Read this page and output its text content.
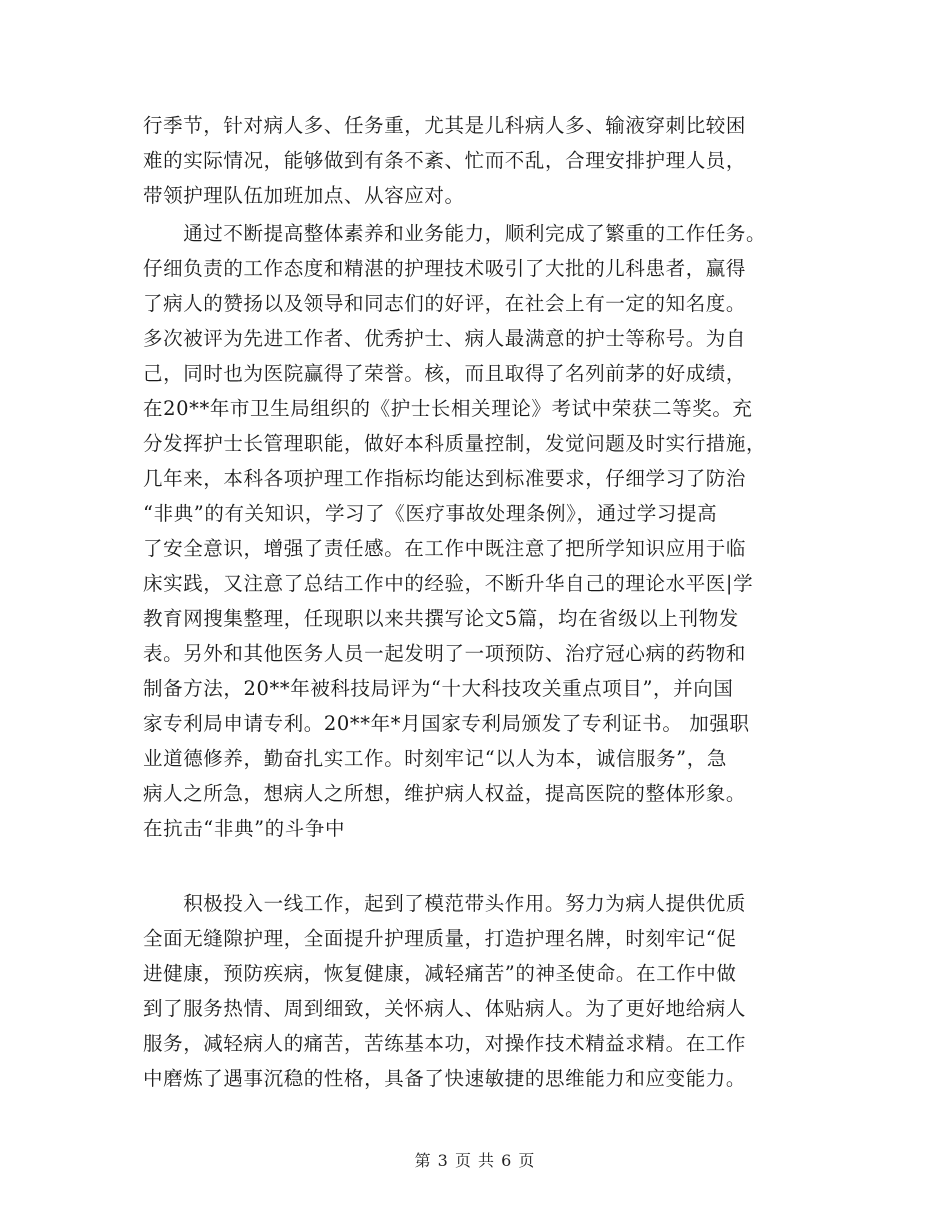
行季节，针对病人多、任务重，尤其是儿科病人多、输液穿刺比较困
难的实际情况，能够做到有条不紊、忙而不乱，合理安排护理人员，
带领护理队伍加班加点、从容应对。
　　通过不断提高整体素养和业务能力，顺利完成了繁重的工作任务。
仔细负责的工作态度和精湛的护理技术吸引了大批的儿科患者，赢得
了病人的赞扬以及领导和同志们的好评，在社会上有一定的知名度。
多次被评为先进工作者、优秀护士、病人最满意的护士等称号。为自
己，同时也为医院赢得了荣誉。核，而且取得了名列前茅的好成绩，
在20**年市卫生局组织的《护士长相关理论》考试中荣获二等奖。充
分发挥护士长管理职能，做好本科质量控制，发觉问题及时实行措施，
几年来，本科各项护理工作指标均能达到标准要求，仔细学习了防治
“非典”的有关知识，学习了《医疗事故处理条例》，通过学习提高
了安全意识，增强了责任感。在工作中既注意了把所学知识应用于临
床实践，又注意了总结工作中的经验，不断升华自己的理论水平医|学
教育网搜集整理，任现职以来共撰写论文5篇，均在省级以上刊物发
表。另外和其他医务人员一起发明了一项预防、治疗冠心病的药物和
制备方法，20**年被科技局评为“十大科技攻关重点项目”，并向国
家专利局申请专利。20**年*月国家专利局颁发了专利证书。 加强职
业道德修养，勤奋扎实工作。时刻牢记“以人为本，诚信服务”，急
病人之所急，想病人之所想，维护病人权益，提高医院的整体形象。
在抗击“非典”的斗争中
　　积极投入一线工作，起到了模范带头作用。努力为病人提供优质
全面无缝隙护理，全面提升护理质量，打造护理名牌，时刻牢记“促
进健康，预防疾病，恢复健康，减轻痛苦”的神圣使命。在工作中做
到了服务热情、周到细致，关怀病人、体贴病人。为了更好地给病人
服务，减轻病人的痛苦，苦练基本功，对操作技术精益求精。在工作
中磨炼了遇事沉稳的性格，具备了快速敏捷的思维能力和应变能力。
第 3 页 共 6 页
